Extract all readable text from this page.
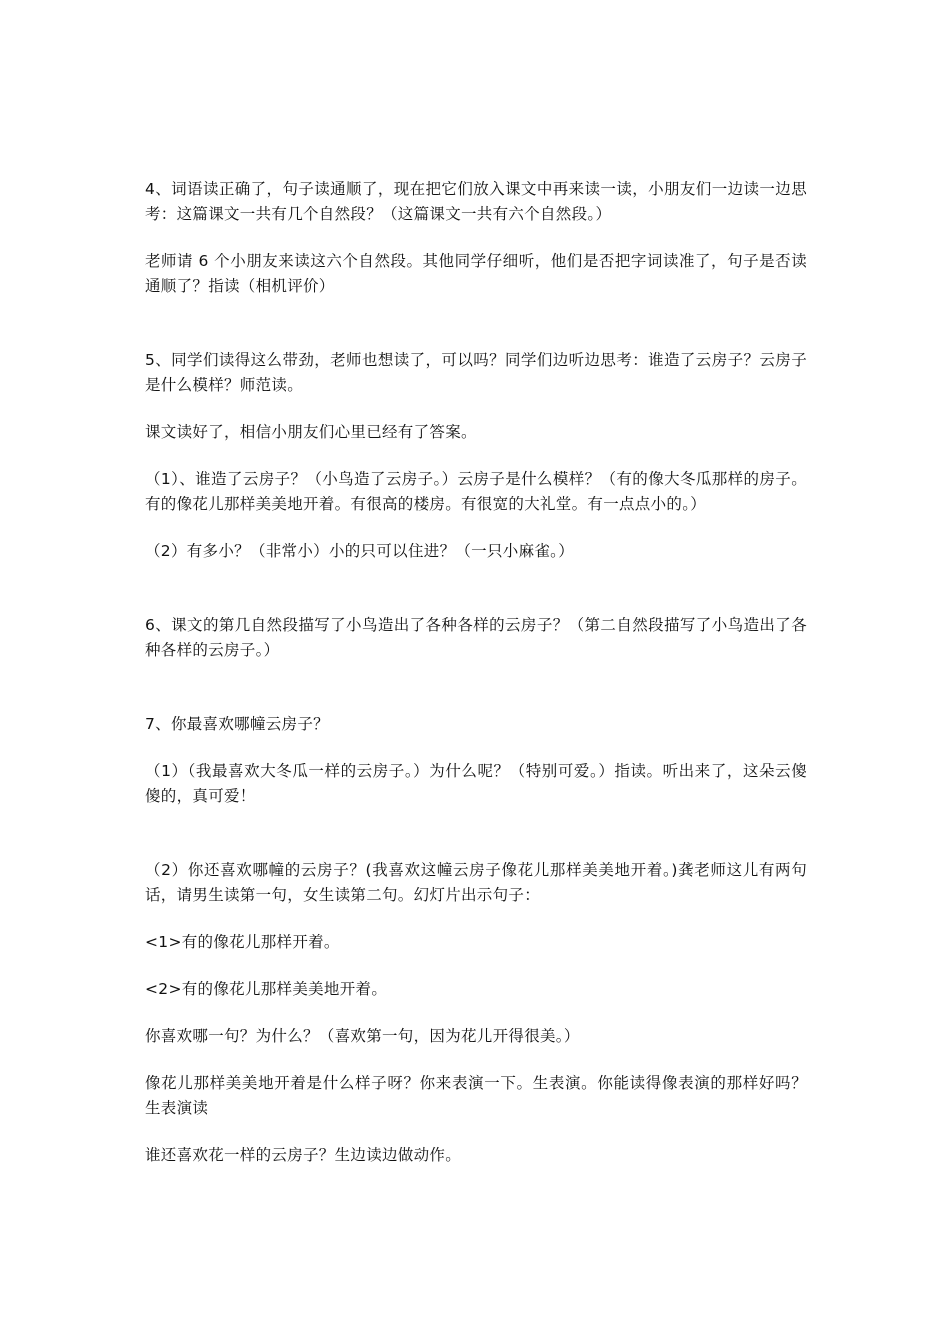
4、词语读正确了，句子读通顺了，现在把它们放入课文中再来读一读，小朋友们一边读一边思考：这篇课文一共有几个自然段？（这篇课文一共有六个自然段。）

老师请 6 个小朋友来读这六个自然段。其他同学仔细听，他们是否把字词读准了，句子是否读通顺了？指读（相机评价）

5、同学们读得这么带劲，老师也想读了，可以吗？同学们边听边思考：谁造了云房子？云房子是什么模样？师范读。

课文读好了，相信小朋友们心里已经有了答案。

（1）、谁造了云房子？（小鸟造了云房子。）云房子是什么模样？（有的像大冬瓜那样的房子。有的像花儿那样美美地开着。有很高的楼房。有很宽的大礼堂。有一点点小的。）

（2）有多小？（非常小）小的只可以住进？（一只小麻雀。）

6、课文的第几自然段描写了小鸟造出了各种各样的云房子？（第二自然段描写了小鸟造出了各种各样的云房子。）

7、你最喜欢哪幢云房子？

（1）（我最喜欢大冬瓜一样的云房子。）为什么呢？（特别可爱。）指读。听出来了，这朵云傻傻的，真可爱！

（2）你还喜欢哪幢的云房子？(我喜欢这幢云房子像花儿那样美美地开着。)龚老师这儿有两句话，请男生读第一句，女生读第二句。幻灯片出示句子：

<1>有的像花儿那样开着。

<2>有的像花儿那样美美地开着。

你喜欢哪一句？为什么？（喜欢第一句，因为花儿开得很美。）

像花儿那样美美地开着是什么样子呀？你来表演一下。生表演。你能读得像表演的那样好吗？生表演读

谁还喜欢花一样的云房子？生边读边做动作。
